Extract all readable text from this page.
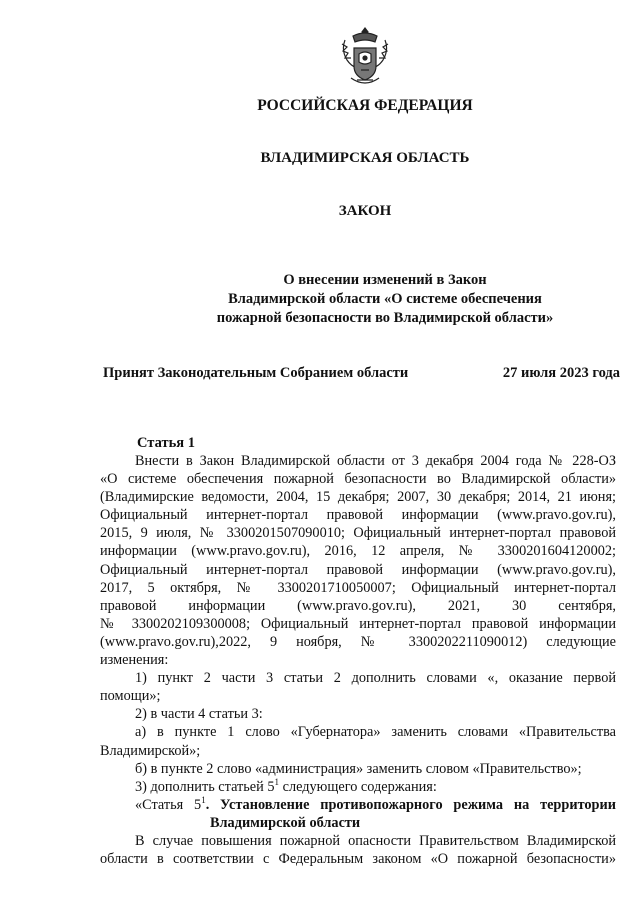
РОССИЙСКАЯ ФЕДЕРАЦИЯ
ВЛАДИМИРСКАЯ ОБЛАСТЬ
ЗАКОН
О внесении изменений в Закон
Владимирской области «О системе обеспечения
пожарной безопасности во Владимирской области»
Принят Законодательным Собранием области	27 июля 2023 года
Статья 1

Внести в Закон Владимирской области от 3 декабря 2004 года № 228-ОЗ
«О системе обеспечения пожарной безопасности во Владимирской области»
(Владимирские ведомости, 2004, 15 декабря; 2007, 30 декабря; 2014, 21 июня;
Официальный интернет-портал правовой информации (www.pravo.gov.ru),
2015, 9 июля, № 3300201507090010; Официальный интернет-портал правовой
информации (www.pravo.gov.ru), 2016, 12 апреля, № 3300201604120002;
Официальный интернет-портал правовой информации (www.pravo.gov.ru),
2017, 5 октября, № 3300201710050007; Официальный интернет-портал
правовой информации (www.pravo.gov.ru), 2021, 30 сентября,
№ 3300202109300008; Официальный интернет-портал правовой информации
(www.pravo.gov.ru),2022, 9 ноября, № 3300202211090012) следующие
изменения:

1) пункт 2 части 3 статьи 2 дополнить словами «, оказание первой
помощи»;

2) в части 4 статьи 3:

а) в пункте 1 слово «Губернатора» заменить словами «Правительства
Владимирской»;

б) в пункте 2 слово «администрация» заменить словом «Правительство»;

3) дополнить статьей $5^1$ следующего содержания:

«Статья $5^1$. Установление противопожарного режима на территории
Владимирской области

В случае повышения пожарной опасности Правительством Владимирской
области в соответствии с Федеральным законом «О пожарной безопасности»
